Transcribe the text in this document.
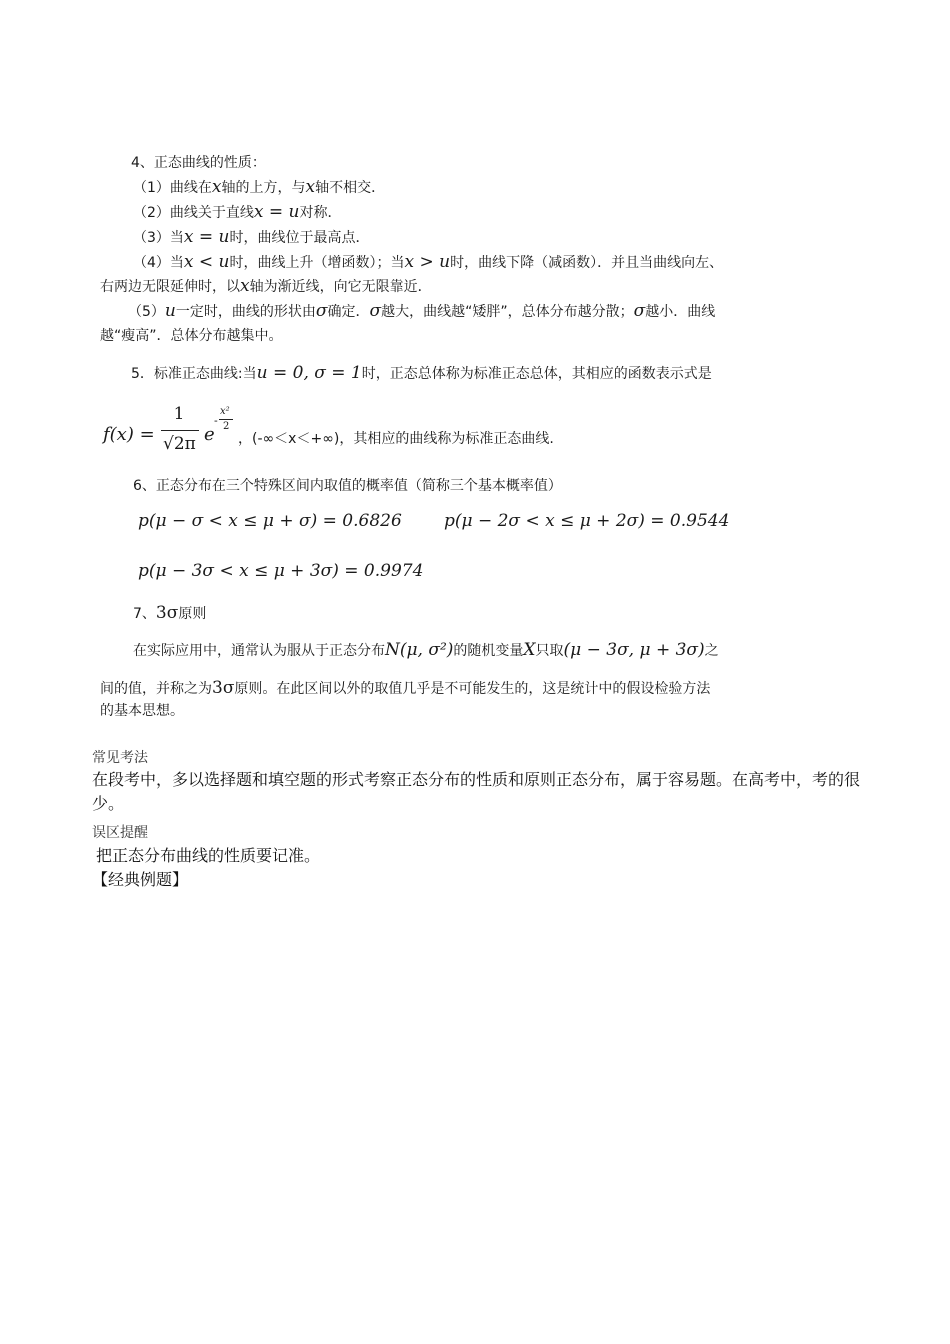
4、正态曲线的性质：
（1）曲线在x轴的上方，与x轴不相交．
（2）曲线关于直线x = u对称．
（3）当x = u时，曲线位于最高点．
（4）当x < u时，曲线上升（增函数）；当x > u时，曲线下降（减函数）．并且当曲线向左、
右两边无限延伸时，以x轴为渐近线，向它无限靠近．
（5）u一定时，曲线的形状由σ确定．σ越大，曲线越“矮胖”，总体分布越分散；σ越小．曲线
越“瘦高”．总体分布越集中。
5．标准正态曲线:当u = 0, σ = 1时，正态总体称为标准正态总体，其相应的函数表示式是
f(x) =
1
√2π e
-
x²
2
，(-∞＜x＜+∞)，其相应的曲线称为标准正态曲线.
6、正态分布在三个特殊区间内取值的概率值（简称三个基本概率值）
p(μ − σ < x ≤ μ + σ) = 0.6826 p(μ − 2σ < x ≤ μ + 2σ) = 0.9544
p(μ − 3σ < x ≤ μ + 3σ) = 0.9974
7、3σ原则
在实际应用中，通常认为服从于正态分布N(μ, σ²)的随机变量X只取(μ − 3σ, μ + 3σ)之
间的值，并称之为3σ原则。在此区间以外的取值几乎是不可能发生的，这是统计中的假设检验方法
的基本思想。
常见考法
在段考中，多以选择题和填空题的形式考察正态分布的性质和原则正态分布，属于容易题。在高考中，考的很少。
误区提醒
把正态分布曲线的性质要记准。
【经典例题】
